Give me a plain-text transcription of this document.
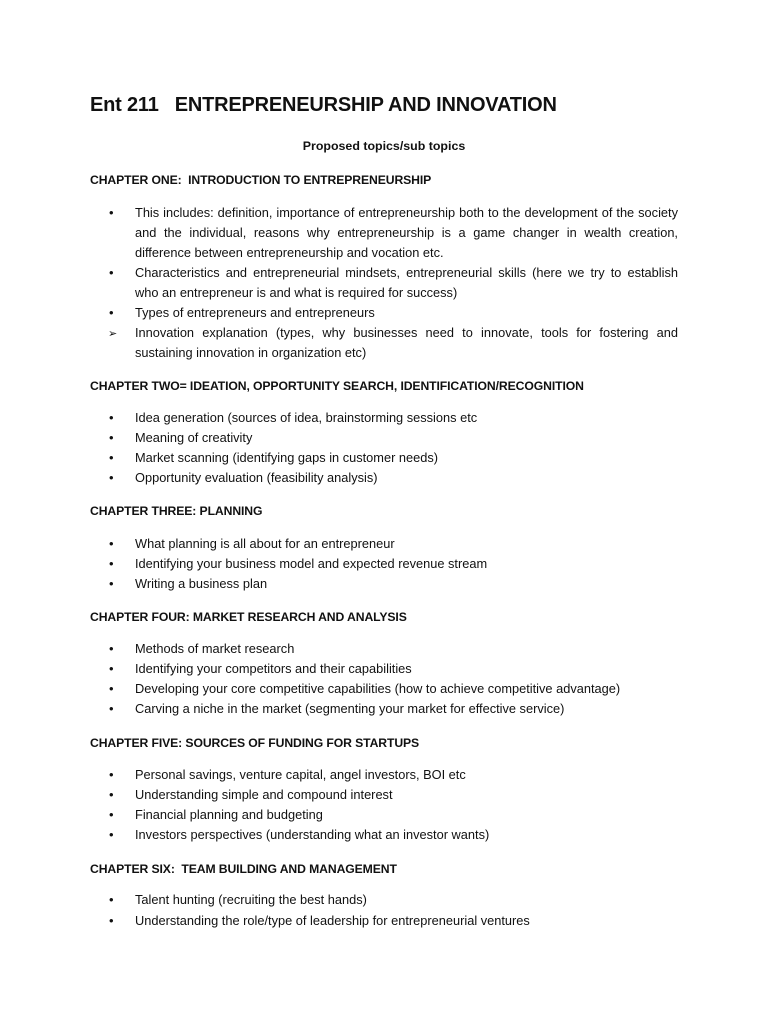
Ent 211   ENTREPRENEURSHIP AND INNOVATION

Proposed topics/sub topics

CHAPTER ONE:  INTRODUCTION TO ENTREPRENEURSHIP
•
This includes: definition, importance of entrepreneurship both to the development of the society and the individual, reasons why entrepreneurship is a game changer in wealth creation, difference between entrepreneurship and vocation etc.
•
Characteristics and entrepreneurial mindsets, entrepreneurial skills (here we try to establish who an entrepreneur is and what is required for success)
•
Types of entrepreneurs and entrepreneurs
➢
Innovation explanation (types, why businesses need to innovate, tools for fostering and sustaining innovation in organization etc)
CHAPTER TWO= IDEATION, OPPORTUNITY SEARCH, IDENTIFICATION/RECOGNITION
•
Idea generation (sources of idea, brainstorming sessions etc
•
Meaning of creativity
•
Market scanning (identifying gaps in customer needs)
•
Opportunity evaluation (feasibility analysis)
CHAPTER THREE: PLANNING
•
What planning is all about for an entrepreneur
•
Identifying your business model and expected revenue stream
•
Writing a business plan
CHAPTER FOUR: MARKET RESEARCH AND ANALYSIS
•
Methods of market research
•
Identifying your competitors and their capabilities
•
Developing your core competitive capabilities (how to achieve competitive advantage)
•
Carving a niche in the market (segmenting your market for effective service)
CHAPTER FIVE: SOURCES OF FUNDING FOR STARTUPS
•
Personal savings, venture capital, angel investors, BOI etc
•
Understanding simple and compound interest
•
Financial planning and budgeting
•
Investors perspectives (understanding what an investor wants)
CHAPTER SIX:  TEAM BUILDING AND MANAGEMENT
•
Talent hunting (recruiting the best hands)
•
Understanding the role/type of leadership for entrepreneurial ventures
